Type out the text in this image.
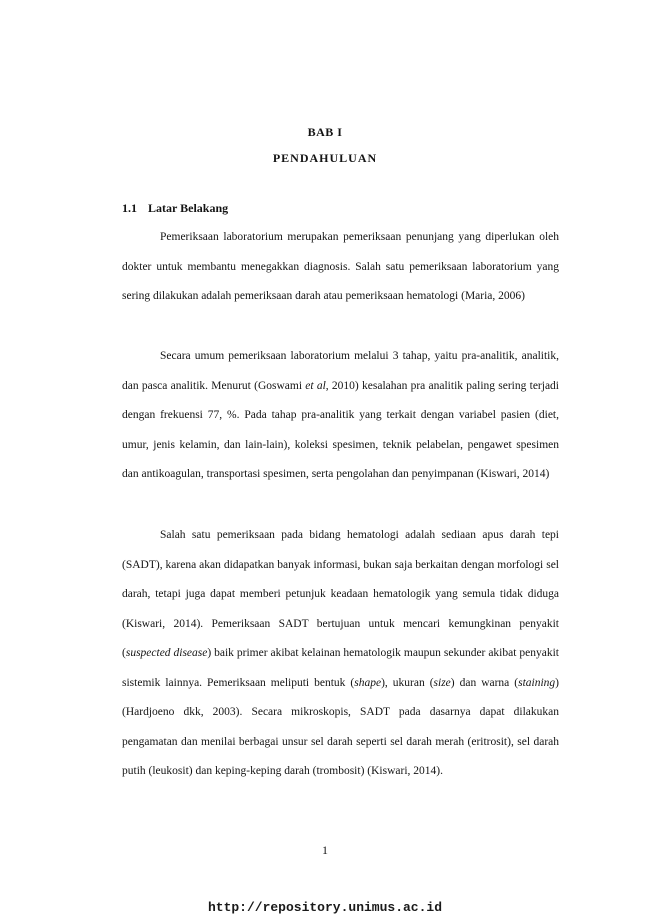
BAB I
PENDAHULUAN
1.1 Latar Belakang

Pemeriksaan laboratorium merupakan pemeriksaan penunjang yang diperlukan oleh dokter untuk membantu menegakkan diagnosis. Salah satu pemeriksaan laboratorium yang sering dilakukan adalah pemeriksaan darah atau pemeriksaan hematologi (Maria, 2006)

Secara umum pemeriksaan laboratorium melalui 3 tahap, yaitu pra-analitik, analitik, dan pasca analitik. Menurut (Goswami et al, 2010) kesalahan pra analitik paling sering terjadi dengan frekuensi 77, %. Pada tahap pra-analitik yang terkait dengan variabel pasien (diet, umur, jenis kelamin, dan lain-lain), koleksi spesimen, teknik pelabelan, pengawet spesimen dan antikoagulan, transportasi spesimen, serta pengolahan dan penyimpanan (Kiswari, 2014)

Salah satu pemeriksaan pada bidang hematologi adalah sediaan apus darah tepi (SADT), karena akan didapatkan banyak informasi, bukan saja berkaitan dengan morfologi sel darah, tetapi juga dapat memberi petunjuk keadaan hematologik yang semula tidak diduga (Kiswari, 2014). Pemeriksaan SADT bertujuan untuk mencari kemungkinan penyakit (suspected disease) baik primer akibat kelainan hematologik maupun sekunder akibat penyakit sistemik lainnya. Pemeriksaan meliputi bentuk (shape), ukuran (size) dan warna (staining) (Hardjoeno dkk, 2003). Secara mikroskopis, SADT pada dasarnya dapat dilakukan pengamatan dan menilai berbagai unsur sel darah seperti sel darah merah (eritrosit), sel darah putih (leukosit) dan keping-keping darah (trombosit) (Kiswari, 2014).

1
http://repository.unimus.ac.id
